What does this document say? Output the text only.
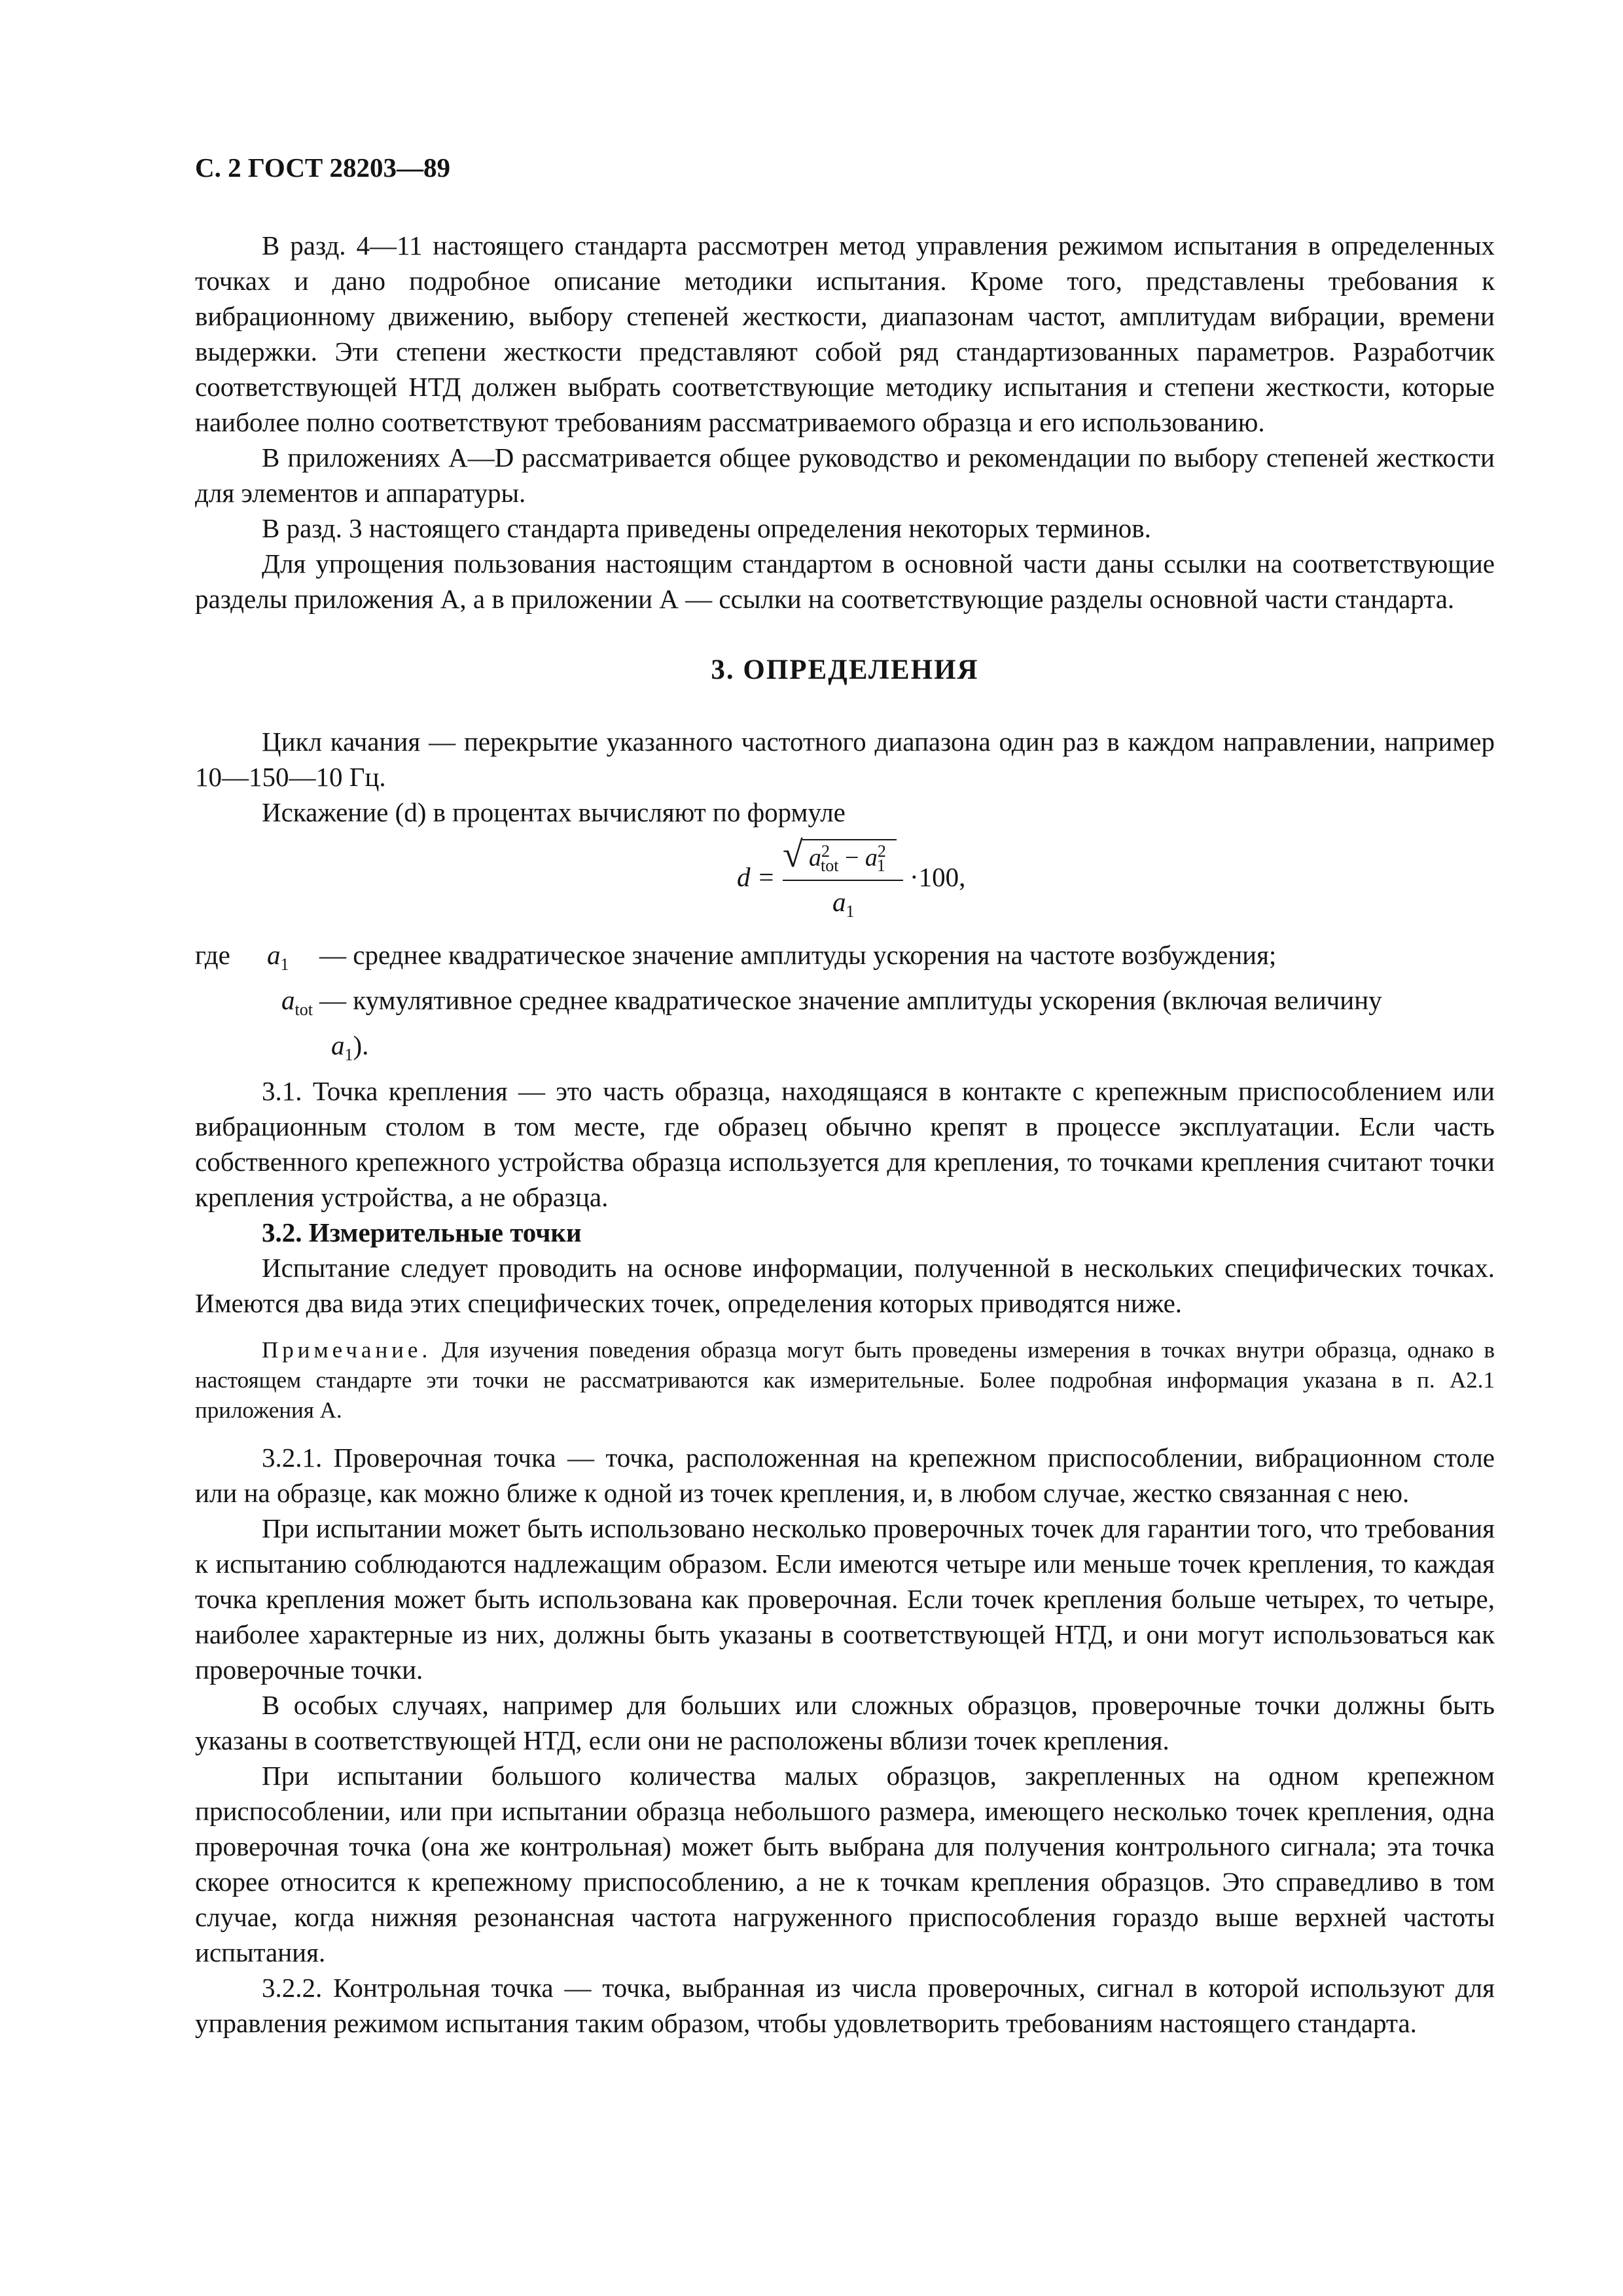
С. 2 ГОСТ 28203—89

В разд. 4—11 настоящего стандарта рассмотрен метод управления режимом испытания в определенных точках и дано подробное описание методики испытания. Кроме того, представлены требования к вибрационному движению, выбору степеней жесткости, диапазонам частот, амплитудам вибрации, времени выдержки. Эти степени жесткости представляют собой ряд стандартизованных параметров. Разработчик соответствующей НТД должен выбрать соответствующие методику испытания и степени жесткости, которые наиболее полно соответствуют требованиям рассматриваемого образца и его использованию.

В приложениях A—D рассматривается общее руководство и рекомендации по выбору степеней жесткости для элементов и аппаратуры.

В разд. 3 настоящего стандарта приведены определения некоторых терминов.

Для упрощения пользования настоящим стандартом в основной части даны ссылки на соответствующие разделы приложения А, а в приложении А — ссылки на соответствующие разделы основной части стандарта.

3. ОПРЕДЕЛЕНИЯ

Цикл качания — перекрытие указанного частотного диапазона один раз в каждом направлении, например 10—150—10 Гц.

Искажение (d) в процентах вычисляют по формуле

d =
√ $a^2_{tot} - a^2_1$
$a_1$
·100,
где	$a_1$	— среднее квадратическое значение амплитуды ускорения на частоте возбуждения;
$a_{tot}$ — кумулятивное среднее квадратическое значение амплитуды ускорения (включая величину
$a_1$).

3.1. Точка крепления — это часть образца, находящаяся в контакте с крепежным приспособлением или вибрационным столом в том месте, где образец обычно крепят в процессе эксплуатации. Если часть собственного крепежного устройства образца используется для крепления, то точками крепления считают точки крепления устройства, а не образца.

3.2. Измерительные точки

Испытание следует проводить на основе информации, полученной в нескольких специфических точках. Имеются два вида этих специфических точек, определения которых приводятся ниже.

Примечание. Для изучения поведения образца могут быть проведены измерения в точках внутри образца, однако в настоящем стандарте эти точки не рассматриваются как измерительные. Более подробная информация указана в п. А2.1 приложения А.

3.2.1. Проверочная точка — точка, расположенная на крепежном приспособлении, вибрационном столе или на образце, как можно ближе к одной из точек крепления, и, в любом случае, жестко связанная с нею.

При испытании может быть использовано несколько проверочных точек для гарантии того, что требования к испытанию соблюдаются надлежащим образом. Если имеются четыре или меньше точек крепления, то каждая точка крепления может быть использована как проверочная. Если точек крепления больше четырех, то четыре, наиболее характерные из них, должны быть указаны в соответствующей НТД, и они могут использоваться как проверочные точки.

В особых случаях, например для больших или сложных образцов, проверочные точки должны быть указаны в соответствующей НТД, если они не расположены вблизи точек крепления.

При испытании большого количества малых образцов, закрепленных на одном крепежном приспособлении, или при испытании образца небольшого размера, имеющего несколько точек крепления, одна проверочная точка (она же контрольная) может быть выбрана для получения контрольного сигнала; эта точка скорее относится к крепежному приспособлению, а не к точкам крепления образцов. Это справедливо в том случае, когда нижняя резонансная частота нагруженного приспособления гораздо выше верхней частоты испытания.

3.2.2. Контрольная точка — точка, выбранная из числа проверочных, сигнал в которой используют для управления режимом испытания таким образом, чтобы удовлетворить требованиям настоящего стандарта.
